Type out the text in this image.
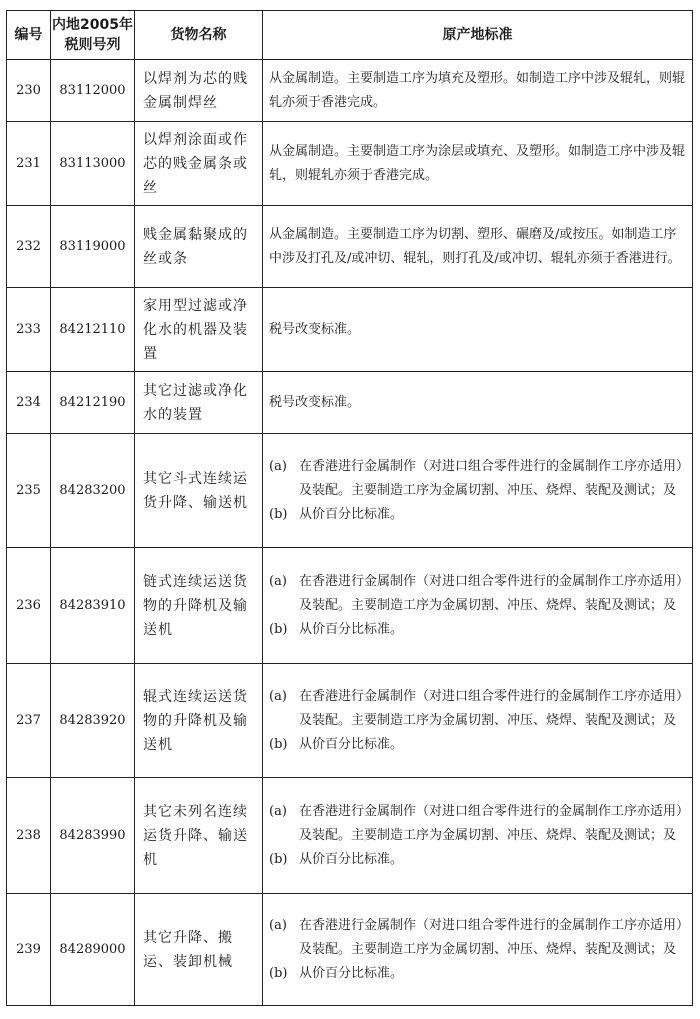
编号	内地2005年
税则号列	货物名称	原产地标准
230	83112000	以焊剂为芯的贱金属制焊丝	从金属制造。主要制造工序为填充及塑形。如制造工序中涉及辊轧，则辊轧亦须于香港完成。
231	83113000	以焊剂涂面或作芯的贱金属条或丝	从金属制造。主要制造工序为涂层或填充、及塑形。如制造工序中涉及辊轧，则辊轧亦须于香港完成。
232	83119000	贱金属黏聚成的丝或条	从金属制造。主要制造工序为切割、塑形、碾磨及/或按压。如制造工序中涉及打孔及/或冲切、辊轧，则打孔及/或冲切、辊轧亦须于香港进行。
233	84212110	家用型过滤或净化水的机器及装置	税号改变标准。
234	84212190	其它过滤或净化水的装置	税号改变标准。
235	84283200	其它斗式连续运货升降、输送机	(a) 在香港进行金属制作（对进口组合零件进行的金属制作工序亦适用）及装配。主要制造工序为金属切割、冲压、烧焊、装配及测试；及
(b) 从价百分比标准。

236	84283910	链式连续运送货物的升降机及输送机	(a) 在香港进行金属制作（对进口组合零件进行的金属制作工序亦适用）及装配。主要制造工序为金属切割、冲压、烧焊、装配及测试；及
(b) 从价百分比标准。

237	84283920	辊式连续运送货物的升降机及输送机	(a) 在香港进行金属制作（对进口组合零件进行的金属制作工序亦适用）及装配。主要制造工序为金属切割、冲压、烧焊、装配及测试；及
(b) 从价百分比标准。

238	84283990	其它未列名连续运货升降、输送机	(a) 在香港进行金属制作（对进口组合零件进行的金属制作工序亦适用）及装配。主要制造工序为金属切割、冲压、烧焊、装配及测试；及
(b) 从价百分比标准。

239	84289000	其它升降、搬运、装卸机械	(a) 在香港进行金属制作（对进口组合零件进行的金属制作工序亦适用）及装配。主要制造工序为金属切割、冲压、烧焊、装配及测试；及
(b) 从价百分比标准。
